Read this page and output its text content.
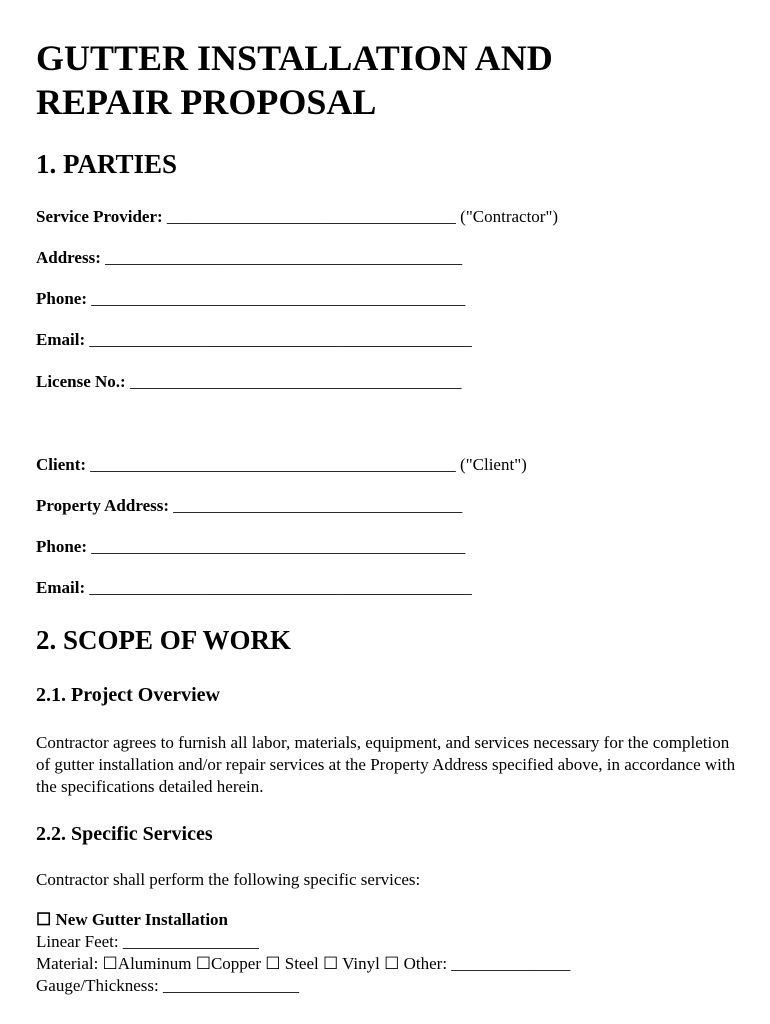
GUTTER INSTALLATION AND REPAIR PROPOSAL
1. PARTIES
Service Provider: __________________________________ ("Contractor")
Address: __________________________________________
Phone: ____________________________________________
Email: _____________________________________________
License No.: _______________________________________
Client: ___________________________________________ ("Client")
Property Address: __________________________________
Phone: ____________________________________________
Email: _____________________________________________
2. SCOPE OF WORK
2.1. Project Overview

Contractor agrees to furnish all labor, materials, equipment, and services necessary for the completion of gutter installation and/or repair services at the Property Address specified above, in accordance with the specifications detailed herein.

2.2. Specific Services
Contractor shall perform the following specific services:
☐ New Gutter Installation
Linear Feet: ________________
Material: ☐Aluminum ☐Copper ☐ Steel ☐ Vinyl ☐ Other: ______________
Gauge/Thickness: ________________
